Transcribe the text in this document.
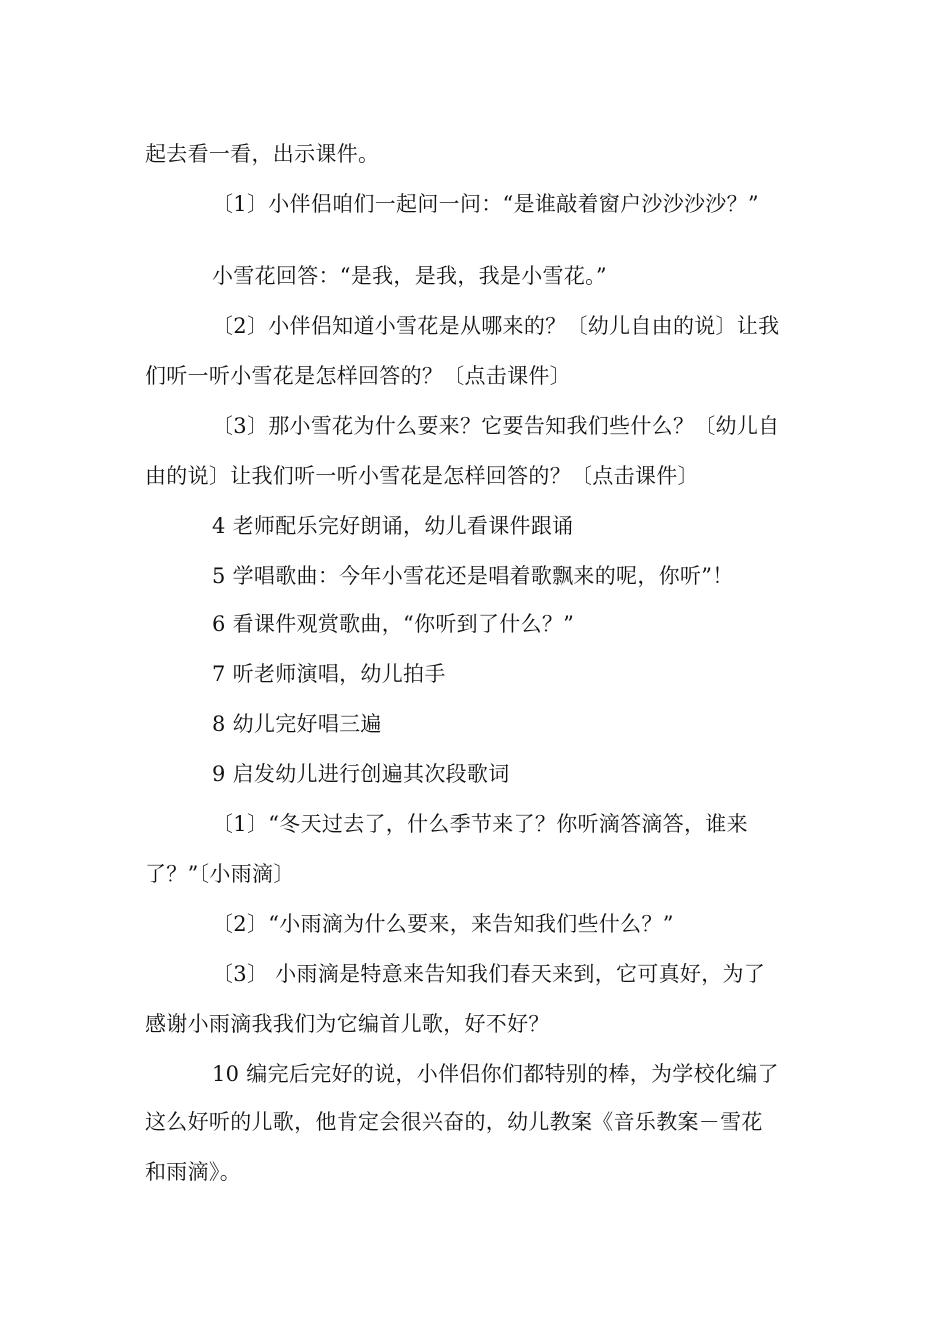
起去看一看，出示课件。
〔1〕小伴侣咱们一起问一问：“是谁敲着窗户沙沙沙沙？”
小雪花回答：“是我，是我，我是小雪花。”
〔2〕小伴侣知道小雪花是从哪来的？〔幼儿自由的说〕让我
们听一听小雪花是怎样回答的？〔点击课件〕
〔3〕那小雪花为什么要来？它要告知我们些什么？〔幼儿自
由的说〕让我们听一听小雪花是怎样回答的？〔点击课件〕
4 老师配乐完好朗诵，幼儿看课件跟诵
5 学唱歌曲：今年小雪花还是唱着歌飘来的呢，你听”！
6 看课件观赏歌曲，“你听到了什么？”
7 听老师演唱，幼儿拍手
8 幼儿完好唱三遍
9 启发幼儿进行创遍其次段歌词
〔1〕“冬天过去了，什么季节来了？你听滴答滴答，谁来
了？”〔小雨滴〕
〔2〕“小雨滴为什么要来，来告知我们些什么？”
〔3〕 小雨滴是特意来告知我们春天来到，它可真好，为了
感谢小雨滴我我们为它编首儿歌，好不好？
10 编完后完好的说，小伴侣你们都特别的棒，为学校化编了
这么好听的儿歌，他肯定会很兴奋的，幼儿教案《音乐教案－雪花
和雨滴》。
